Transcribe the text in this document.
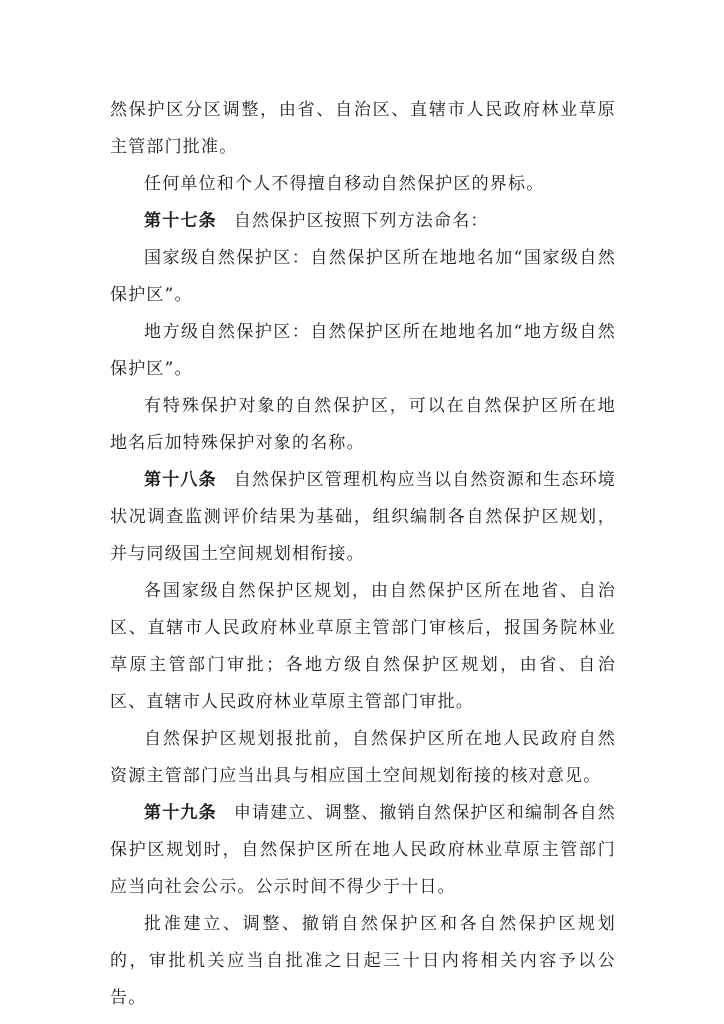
然保护区分区调整，由省、自治区、直辖市人民政府林业草原主管部门批准。

任何单位和个人不得擅自移动自然保护区的界标。

第十七条 自然保护区按照下列方法命名：

国家级自然保护区：自然保护区所在地地名加“国家级自然保护区”。

地方级自然保护区：自然保护区所在地地名加“地方级自然保护区”。

有特殊保护对象的自然保护区，可以在自然保护区所在地地名后加特殊保护对象的名称。

第十八条 自然保护区管理机构应当以自然资源和生态环境状况调查监测评价结果为基础，组织编制各自然保护区规划，并与同级国土空间规划相衔接。

各国家级自然保护区规划，由自然保护区所在地省、自治区、直辖市人民政府林业草原主管部门审核后，报国务院林业草原主管部门审批；各地方级自然保护区规划，由省、自治区、直辖市人民政府林业草原主管部门审批。

自然保护区规划报批前，自然保护区所在地人民政府自然资源主管部门应当出具与相应国土空间规划衔接的核对意见。

第十九条 申请建立、调整、撤销自然保护区和编制各自然保护区规划时，自然保护区所在地人民政府林业草原主管部门应当向社会公示。公示时间不得少于十日。

批准建立、调整、撤销自然保护区和各自然保护区规划的，审批机关应当自批准之日起三十日内将相关内容予以公告。
